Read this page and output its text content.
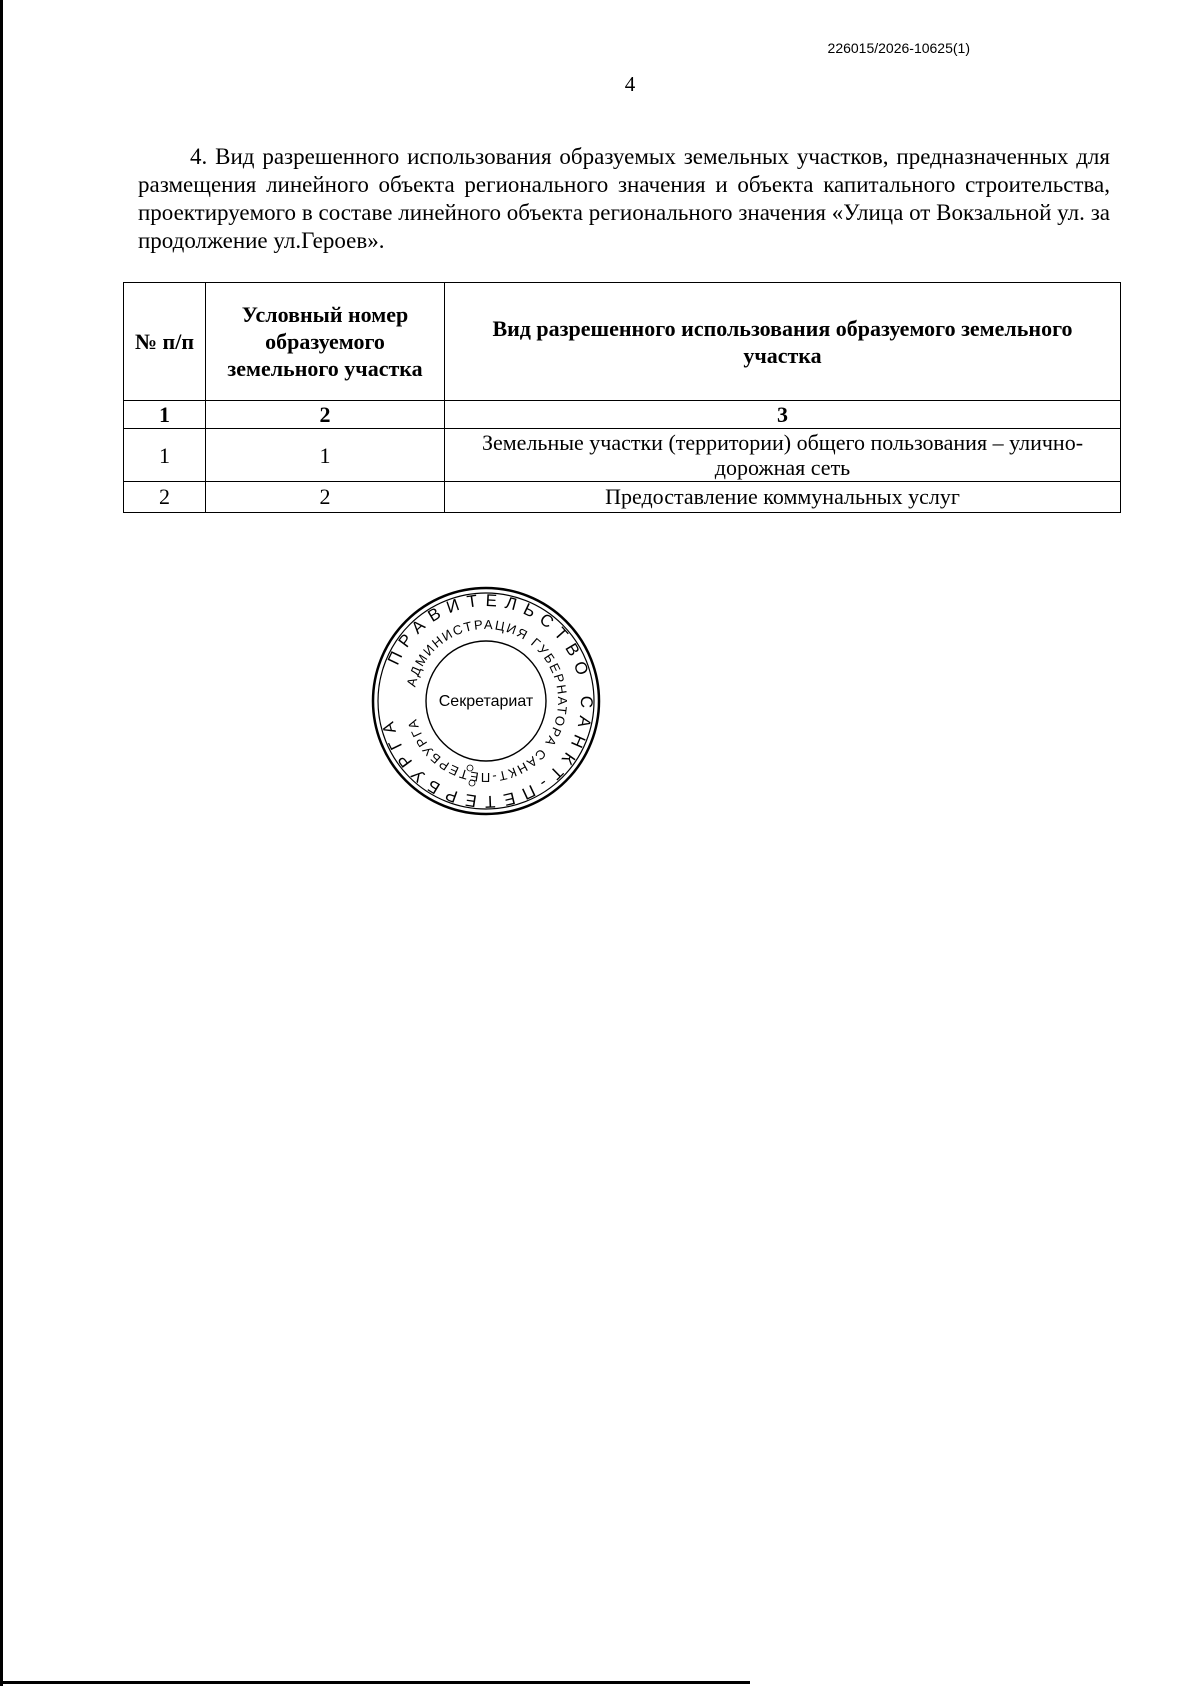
226015/2026-10625(1)
4
4. Вид разрешенного использования образуемых земельных участков, предназначенных для размещения линейного объекта регионального значения и объекта капитального строительства, проектируемого в составе линейного объекта регионального значения «Улица от Вокзальной ул. за продолжение ул.Героев».
№ п/п	Условный номер образуемого земельного участка	Вид разрешенного использования образуемого земельного участка
1	2	3
1	1	Земельные участки (территории) общего пользования – улично-дорожная сеть
2	2	Предоставление коммунальных услуг
ПРАВИТЕЛЬСТВО САНКТ-ПЕТЕРБУРГА
АДМИНИСТРАЦИЯ ГУБЕРНАТОРА САНКТ-ПЕТЕРБУРГА
Секретариат
